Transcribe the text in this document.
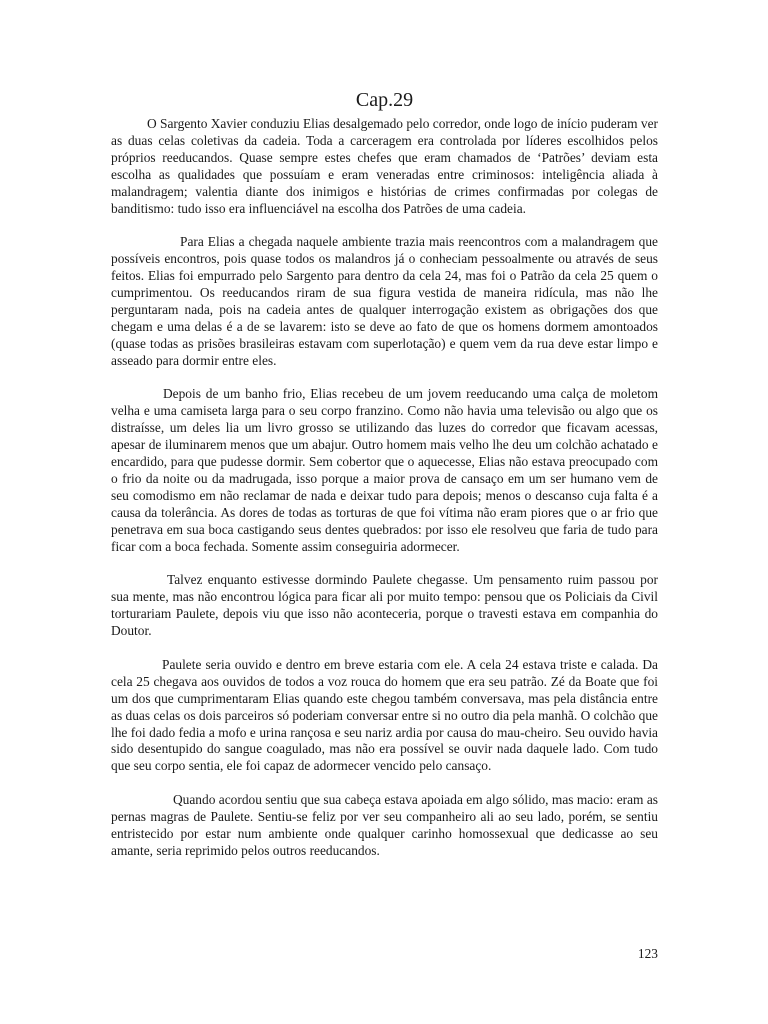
Cap.29

O Sargento Xavier conduziu Elias desalgemado pelo corredor, onde logo de início puderam ver as duas celas coletivas da cadeia. Toda a carceragem era controlada por líderes escolhidos pelos próprios reeducandos. Quase sempre estes chefes que eram chamados de ‘Patrões’ deviam esta escolha as qualidades que possuíam e eram veneradas entre criminosos: inteligência aliada à malandragem; valentia diante dos inimigos e histórias de crimes confirmadas por colegas de banditismo: tudo isso era influenciável na escolha dos Patrões de uma cadeia.

Para Elias a chegada naquele ambiente trazia mais reencontros com a malandragem que possíveis encontros, pois quase todos os malandros já o conheciam pessoalmente ou através de seus feitos. Elias foi empurrado pelo Sargento para dentro da cela 24, mas foi o Patrão da cela 25 quem o cumprimentou. Os reeducandos riram de sua figura vestida de maneira ridícula, mas não lhe perguntaram nada, pois na cadeia antes de qualquer interrogação existem as obrigações dos que chegam e uma delas é a de se lavarem: isto se deve ao fato de que os homens dormem amontoados (quase todas as prisões brasileiras estavam com superlotação) e quem vem da rua deve estar limpo e asseado para dormir entre eles.

Depois de um banho frio, Elias recebeu de um jovem reeducando uma calça de moletom velha e uma camiseta larga para o seu corpo franzino. Como não havia uma televisão ou algo que os distraísse, um deles lia um livro grosso se utilizando das luzes do corredor que ficavam acessas, apesar de iluminarem menos que um abajur. Outro homem mais velho lhe deu um colchão achatado e encardido, para que pudesse dormir. Sem cobertor que o aquecesse, Elias não estava preocupado com o frio da noite ou da madrugada, isso porque a maior prova de cansaço em um ser humano vem de seu comodismo em não reclamar de nada e deixar tudo para depois; menos o descanso cuja falta é a causa da tolerância. As dores de todas as torturas de que foi vítima não eram piores que o ar frio que penetrava em sua boca castigando seus dentes quebrados: por isso ele resolveu que faria de tudo para ficar com a boca fechada. Somente assim conseguiria adormecer.

Talvez enquanto estivesse dormindo Paulete chegasse. Um pensamento ruim passou por sua mente, mas não encontrou lógica para ficar ali por muito tempo: pensou que os Policiais da Civil torturariam Paulete, depois viu que isso não aconteceria, porque o travesti estava em companhia do Doutor.

Paulete seria ouvido e dentro em breve estaria com ele. A cela 24 estava triste e calada. Da cela 25 chegava aos ouvidos de todos a voz rouca do homem que era seu patrão. Zé da Boate que foi um dos que cumprimentaram Elias quando este chegou também conversava, mas pela distância entre as duas celas os dois parceiros só poderiam conversar entre si no outro dia pela manhã. O colchão que lhe foi dado fedia a mofo e urina rançosa e seu nariz ardia por causa do mau-cheiro. Seu ouvido havia sido desentupido do sangue coagulado, mas não era possível se ouvir nada daquele lado. Com tudo que seu corpo sentia, ele foi capaz de adormecer vencido pelo cansaço.

Quando acordou sentiu que sua cabeça estava apoiada em algo sólido, mas macio: eram as pernas magras de Paulete. Sentiu-se feliz por ver seu companheiro ali ao seu lado, porém, se sentiu entristecido por estar num ambiente onde qualquer carinho homossexual que dedicasse ao seu amante, seria reprimido pelos outros reeducandos.

123
